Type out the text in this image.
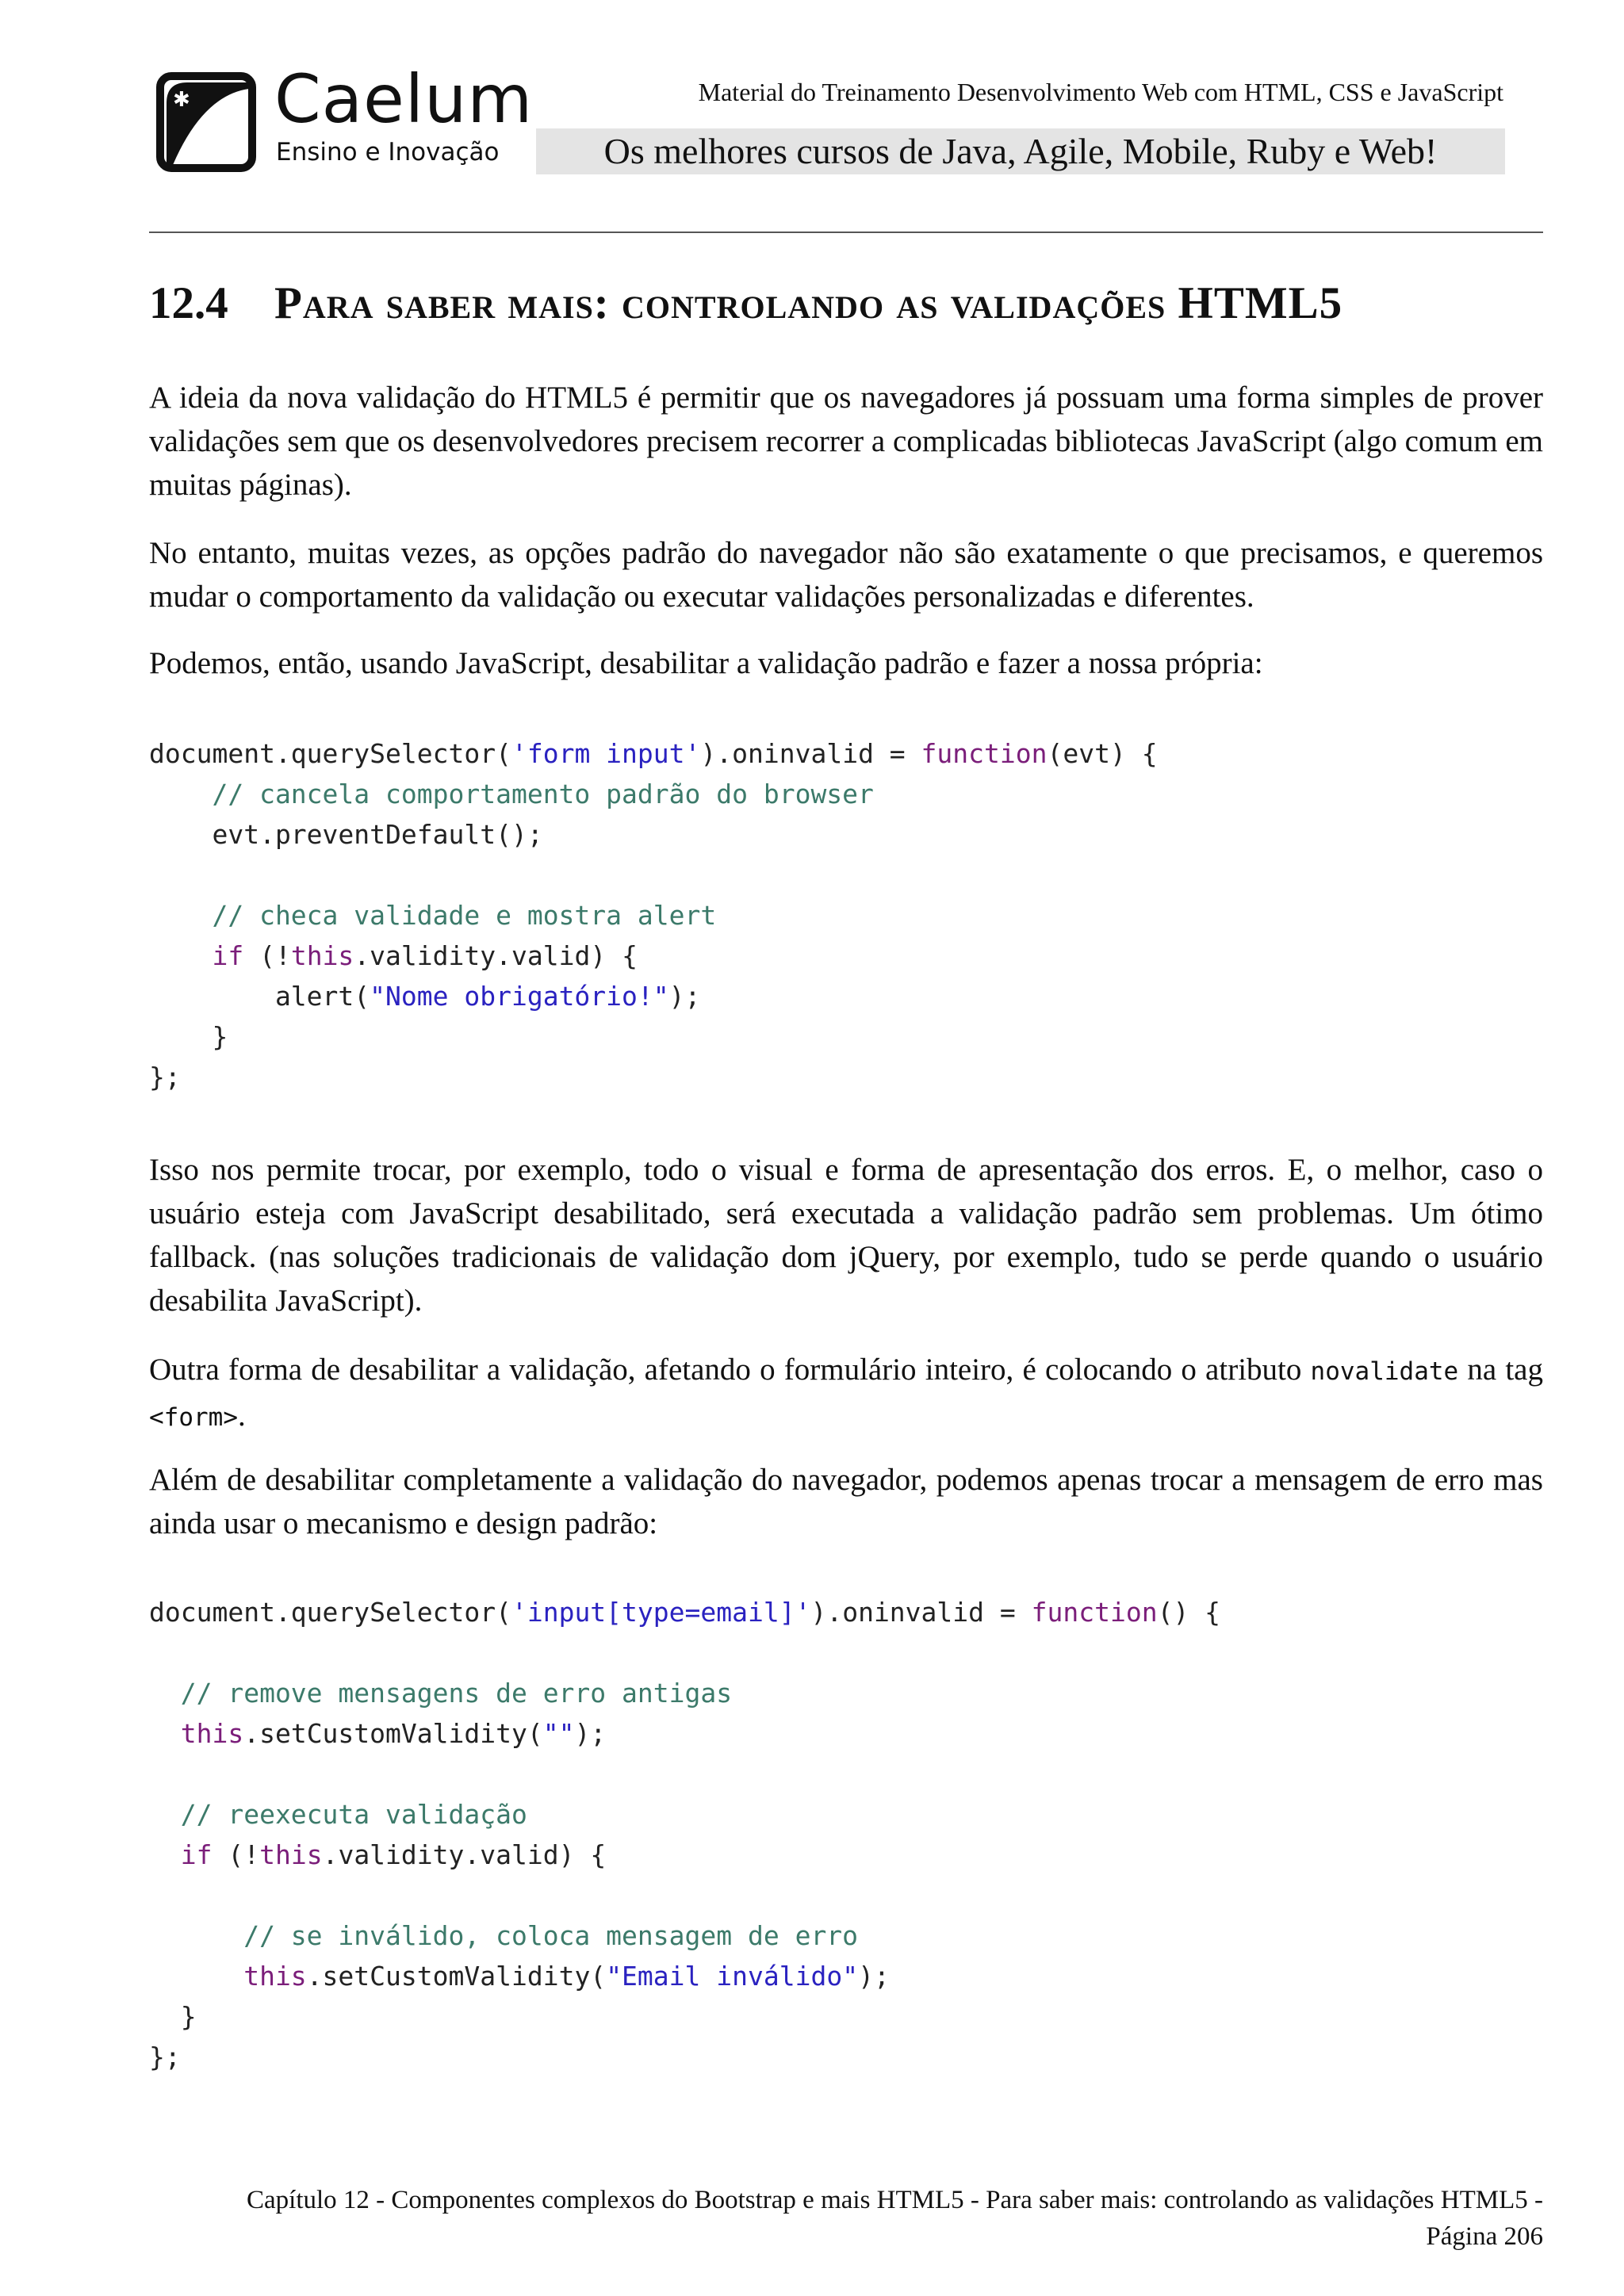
✱ Caelum
Ensino e Inovação
Material do Treinamento Desenvolvimento Web com HTML, CSS e JavaScript
Os melhores cursos de Java, Agile, Mobile, Ruby e Web!
12.4 Para saber mais: controlando as validações HTML5

A ideia da nova validação do HTML5 é permitir que os navegadores já possuam uma forma simples de prover validações sem que os desenvolvedores precisem recorrer a complicadas bibliotecas JavaScript (algo comum em muitas páginas).

No entanto, muitas vezes, as opções padrão do navegador não são exatamente o que precisamos, e queremos mudar o comportamento da validação ou executar validações personalizadas e diferentes.

Podemos, então, usando JavaScript, desabilitar a validação padrão e fazer a nossa própria:

document.querySelector('form input').oninvalid = function(evt) {
// cancela comportamento padrão do browser
evt.preventDefault();
// checa validade e mostra alert
if (!this.validity.valid) {
alert("Nome obrigatório!");
}
};

Isso nos permite trocar, por exemplo, todo o visual e forma de apresentação dos erros. E, o melhor, caso o usuário esteja com JavaScript desabilitado, será executada a validação padrão sem problemas. Um ótimo fallback. (nas soluções tradicionais de validação dom jQuery, por exemplo, tudo se perde quando o usuário desabilita JavaScript).

Outra forma de desabilitar a validação, afetando o formulário inteiro, é colocando o atributo novalidate na tag <form>.

Além de desabilitar completamente a validação do navegador, podemos apenas trocar a mensagem de erro mas ainda usar o mecanismo e design padrão:

document.querySelector('input[type=email]').oninvalid = function() {
// remove mensagens de erro antigas
this.setCustomValidity("");
// reexecuta validação
if (!this.validity.valid) {
// se inválido, coloca mensagem de erro
this.setCustomValidity("Email inválido");
}
};
Capítulo 12 - Componentes complexos do Bootstrap e mais HTML5 - Para saber mais: controlando as validações HTML5 -
Página 206
